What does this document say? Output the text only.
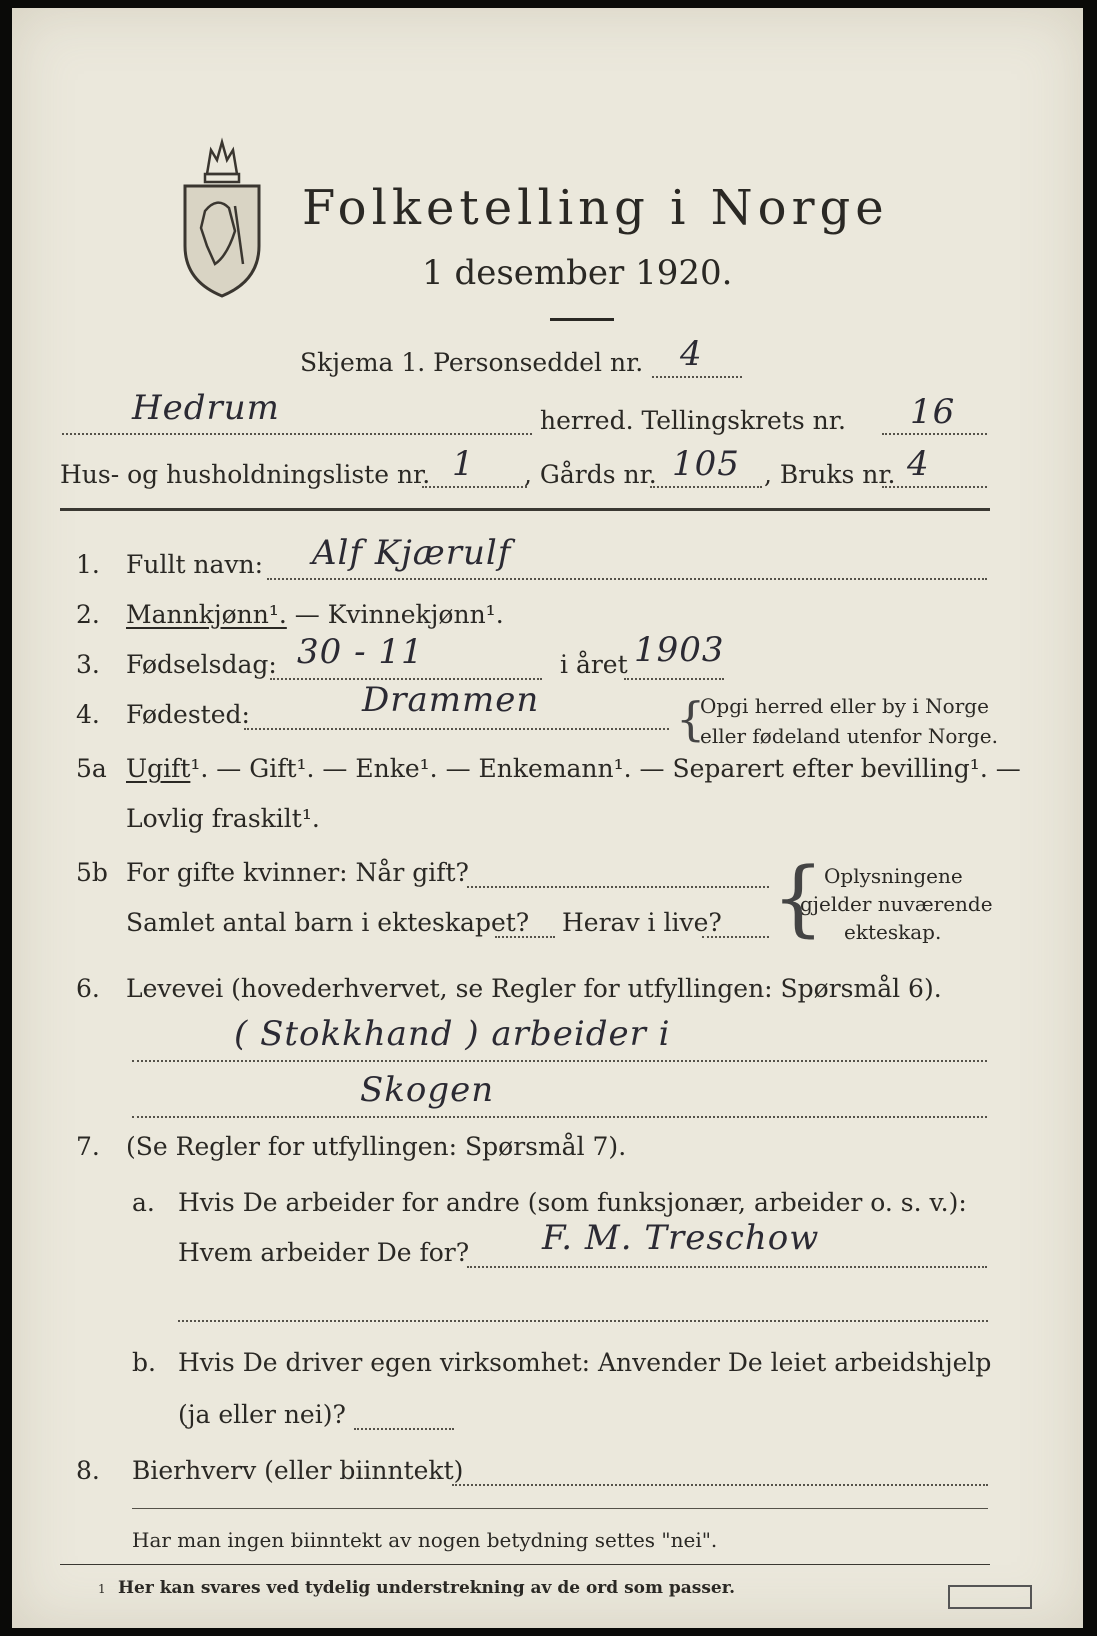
Folketelling i Norge
1 desember 1920.
Skjema 1. Personseddel nr. 4
Hedrum	herred. Tellingskrets nr. 16
Hus- og husholdningsliste nr. 1 , Gårds nr. 105 , Bruks nr. 4
1. Fullt navn: Alf Kjærulf
2. Mannkjønn¹. — Kvinnekjønn¹.
3. Fødselsdag: 30 - 11	i året 1903
4. Fødested:	Drammen	{
Opgi herred eller by i Norge
eller fødeland utenfor Norge.
5a Ugift¹. — Gift¹. — Enke¹. — Enkemann¹. — Separert efter bevilling¹. —
Lovlig fraskilt¹.
5b For gifte kvinner: Når gift?
Samlet antal barn i ekteskapet? Herav i live? { Oplysningene
gjelder nuværende
ekteskap.
6. Levevei (hovederhvervet, se Regler for utfyllingen: Spørsmål 6).
( Stokkhand ) arbeider i
Skogen
7. (Se Regler for utfyllingen: Spørsmål 7).
a. Hvis De arbeider for andre (som funksjonær, arbeider o. s. v.):
Hvem arbeider De for? F. M. Treschow
b. Hvis De driver egen virksomhet: Anvender De leiet arbeidshjelp
(ja eller nei)?
8. Bierhverv (eller biinntekt)
Har man ingen biinntekt av nogen betydning settes "nei".
1 Her kan svares ved tydelig understrekning av de ord som passer.
